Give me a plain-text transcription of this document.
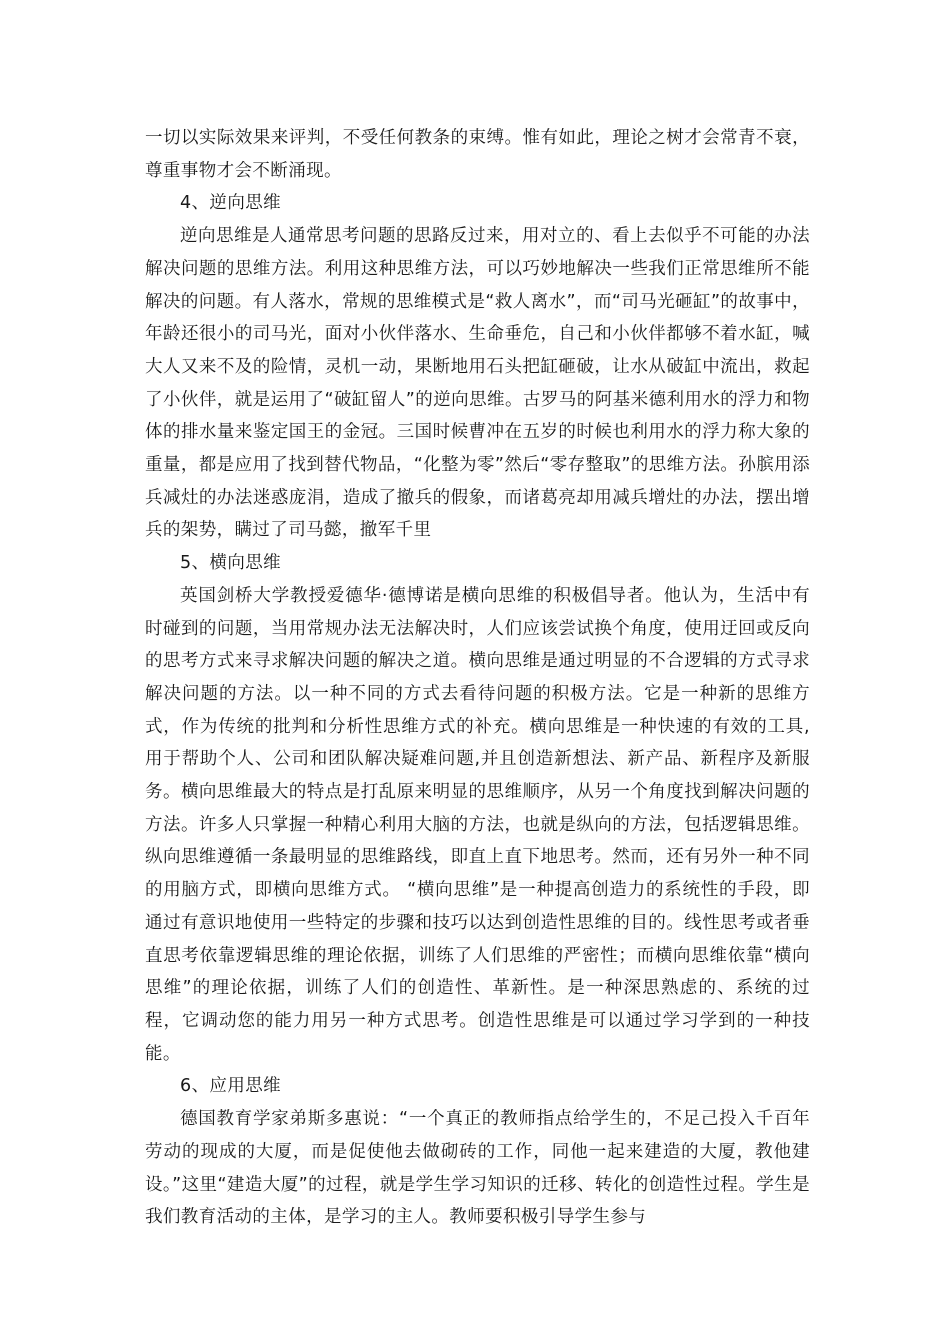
一切以实际效果来评判，不受任何教条的束缚。惟有如此，理论之树才会常青不衰，尊重事物才会不断涌现。

4、逆向思维

逆向思维是人通常思考问题的思路反过来，用对立的、看上去似乎不可能的办法解决问题的思维方法。利用这种思维方法，可以巧妙地解决一些我们正常思维所不能解决的问题。有人落水，常规的思维模式是“救人离水”，而“司马光砸缸”的故事中，年龄还很小的司马光，面对小伙伴落水、生命垂危，自己和小伙伴都够不着水缸，喊大人又来不及的险情，灵机一动，果断地用石头把缸砸破，让水从破缸中流出，救起了小伙伴，就是运用了“破缸留人”的逆向思维。古罗马的阿基米德利用水的浮力和物体的排水量来鉴定国王的金冠。三国时候曹冲在五岁的时候也利用水的浮力称大象的重量，都是应用了找到替代物品，“化整为零”然后“零存整取”的思维方法。孙膑用添兵减灶的办法迷惑庞涓，造成了撤兵的假象，而诸葛亮却用减兵增灶的办法，摆出增兵的架势，瞒过了司马懿，撤军千里

5、横向思维

英国剑桥大学教授爱德华·德博诺是横向思维的积极倡导者。他认为，生活中有时碰到的问题，当用常规办法无法解决时，人们应该尝试换个角度，使用迂回或反向的思考方式来寻求解决问题的解决之道。横向思维是通过明显的不合逻辑的方式寻求解决问题的方法。以一种不同的方式去看待问题的积极方法。它是一种新的思维方式，作为传统的批判和分析性思维方式的补充。横向思维是一种快速的有效的工具,用于帮助个人、公司和团队解决疑难问题,并且创造新想法、新产品、新程序及新服务。横向思维最大的特点是打乱原来明显的思维顺序，从另一个角度找到解决问题的方法。许多人只掌握一种精心利用大脑的方法，也就是纵向的方法，包括逻辑思维。纵向思维遵循一条最明显的思维路线，即直上直下地思考。然而，还有另外一种不同的用脑方式，即横向思维方式。 “横向思维”是一种提高创造力的系统性的手段，即通过有意识地使用一些特定的步骤和技巧以达到创造性思维的目的。线性思考或者垂直思考依靠逻辑思维的理论依据，训练了人们思维的严密性；而横向思维依靠“横向思维”的理论依据，训练了人们的创造性、革新性。是一种深思熟虑的、系统的过程，它调动您的能力用另一种方式思考。创造性思维是可以通过学习学到的一种技能。

6、应用思维

德国教育学家弟斯多惠说：“一个真正的教师指点给学生的，不足己投入千百年劳动的现成的大厦，而是促使他去做砌砖的工作，同他一起来建造的大厦，教他建设。”这里“建造大厦”的过程，就是学生学习知识的迁移、转化的创造性过程。学生是我们教育活动的主体，是学习的主人。教师要积极引导学生参与
